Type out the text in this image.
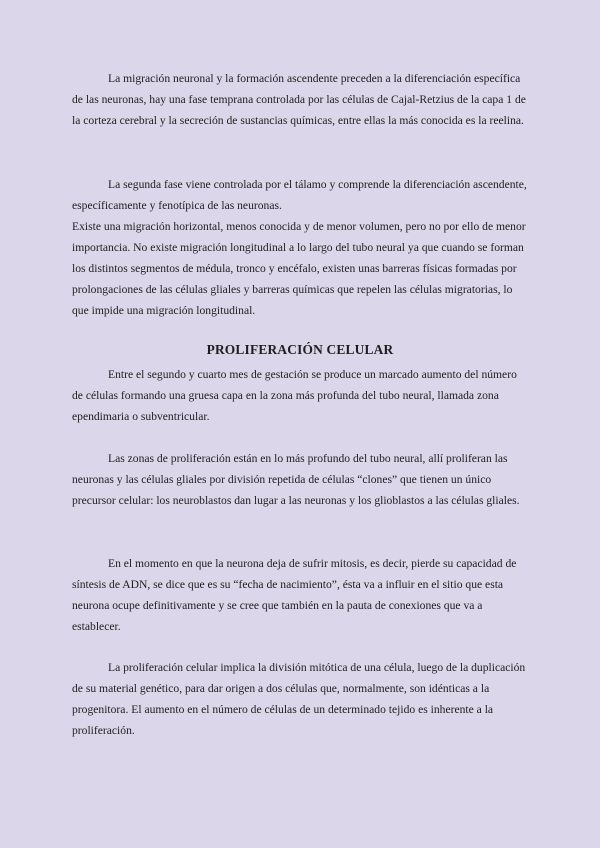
La migración neuronal y la formación ascendente preceden a la diferenciación específica de las neuronas, hay una fase temprana controlada por las células de Cajal-Retzius de la capa 1 de la corteza cerebral y la secreción de sustancias químicas, entre ellas la más conocida es la reelina.

La segunda fase viene controlada por el tálamo y comprende la diferenciación ascendente, específicamente y fenotípica de las neuronas.

Existe una migración horizontal, menos conocida y de menor volumen, pero no por ello de menor importancia. No existe migración longitudinal a lo largo del tubo neural ya que cuando se forman los distintos segmentos de médula, tronco y encéfalo, existen unas barreras físicas formadas por prolongaciones de las células gliales y barreras químicas que repelen las células migratorias, lo que impide una migración longitudinal.

PROLIFERACIÓN CELULAR

Entre el segundo y cuarto mes de gestación se produce un marcado aumento del número de células formando una gruesa capa en la zona más profunda del tubo neural, llamada zona ependimaria o subventricular.

Las zonas de proliferación están en lo más profundo del tubo neural, allí proliferan las neuronas y las células gliales por división repetida de células “clones” que tienen un único precursor celular: los neuroblastos dan lugar a las neuronas y los glioblastos a las células gliales.

En el momento en que la neurona deja de sufrir mitosis, es decir, pierde su capacidad de síntesis de ADN, se dice que es su “fecha de nacimiento”, ésta va a influir en el sitio que esta neurona ocupe definitivamente y se cree que también en la pauta de conexiones que va a establecer.

La proliferación celular implica la división mitótica de una célula, luego de la duplicación de su material genético, para dar origen a dos células que, normalmente, son idénticas a la progenitora. El aumento en el número de células de un determinado tejido es inherente a la proliferación.
